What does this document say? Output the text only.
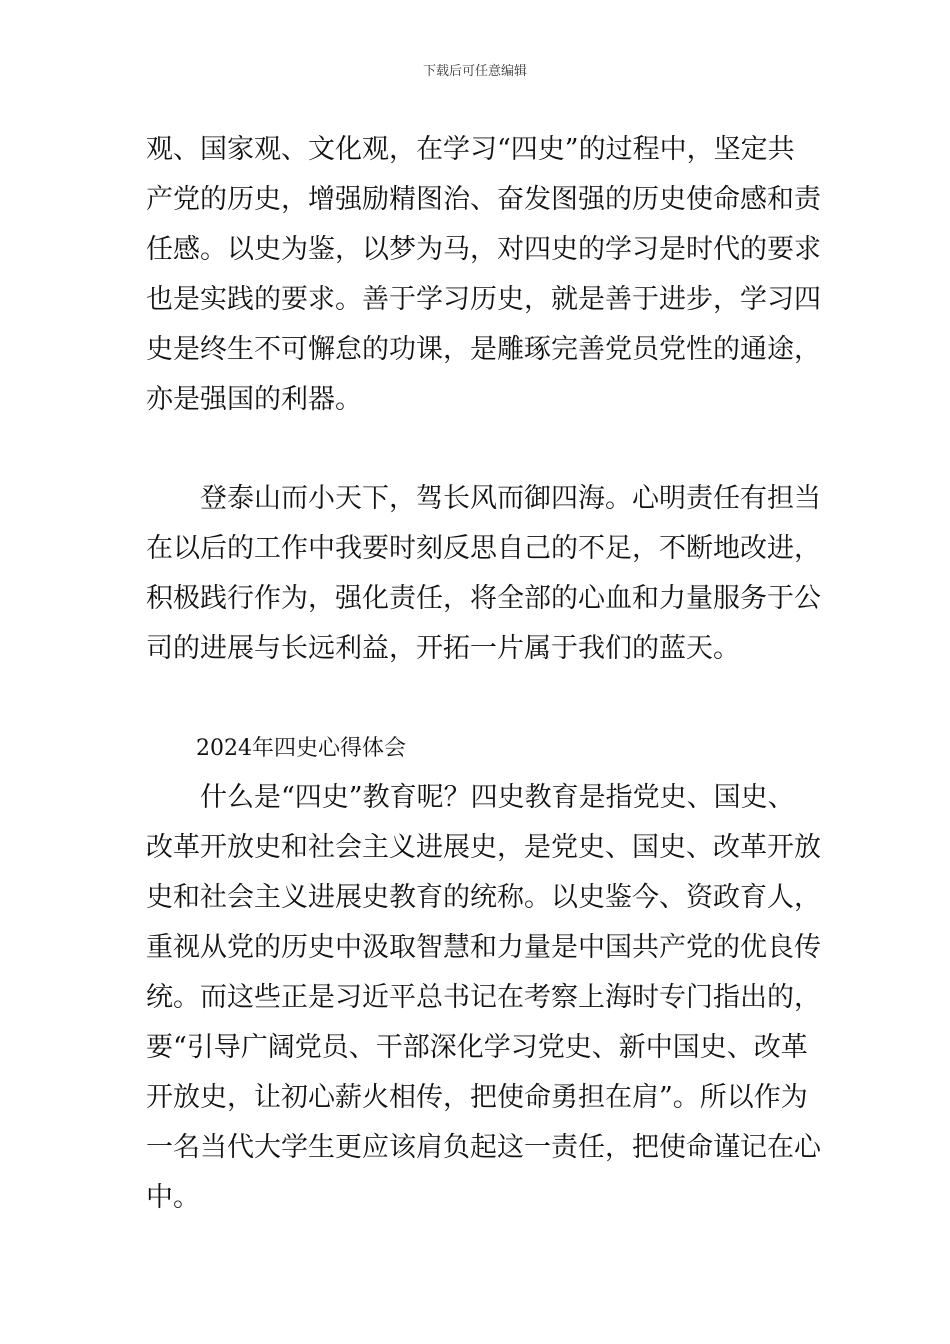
下载后可任意编辑
观、国家观、文化观，在学习“四史”的过程中，坚定共
产党的历史，增强励精图治、奋发图强的历史使命感和责
任感。以史为鉴，以梦为马，对四史的学习是时代的要求
也是实践的要求。善于学习历史，就是善于进步，学习四
史是终生不可懈怠的功课，是雕琢完善党员党性的通途，
亦是强国的利器。
　　登泰山而小天下，驾长风而御四海。心明责任有担当
在以后的工作中我要时刻反思自己的不足，不断地改进，
积极践行作为，强化责任，将全部的心血和力量服务于公
司的进展与长远利益，开拓一片属于我们的蓝天。
2024年四史心得体会
　　什么是“四史”教育呢？四史教育是指党史、国史、
改革开放史和社会主义进展史，是党史、国史、改革开放
史和社会主义进展史教育的统称。以史鉴今、资政育人，
重视从党的历史中汲取智慧和力量是中国共产党的优良传
统。而这些正是习近平总书记在考察上海时专门指出的，
要“引导广阔党员、干部深化学习党史、新中国史、改革
开放史，让初心薪火相传，把使命勇担在肩”。所以作为
一名当代大学生更应该肩负起这一责任，把使命谨记在心
中。
